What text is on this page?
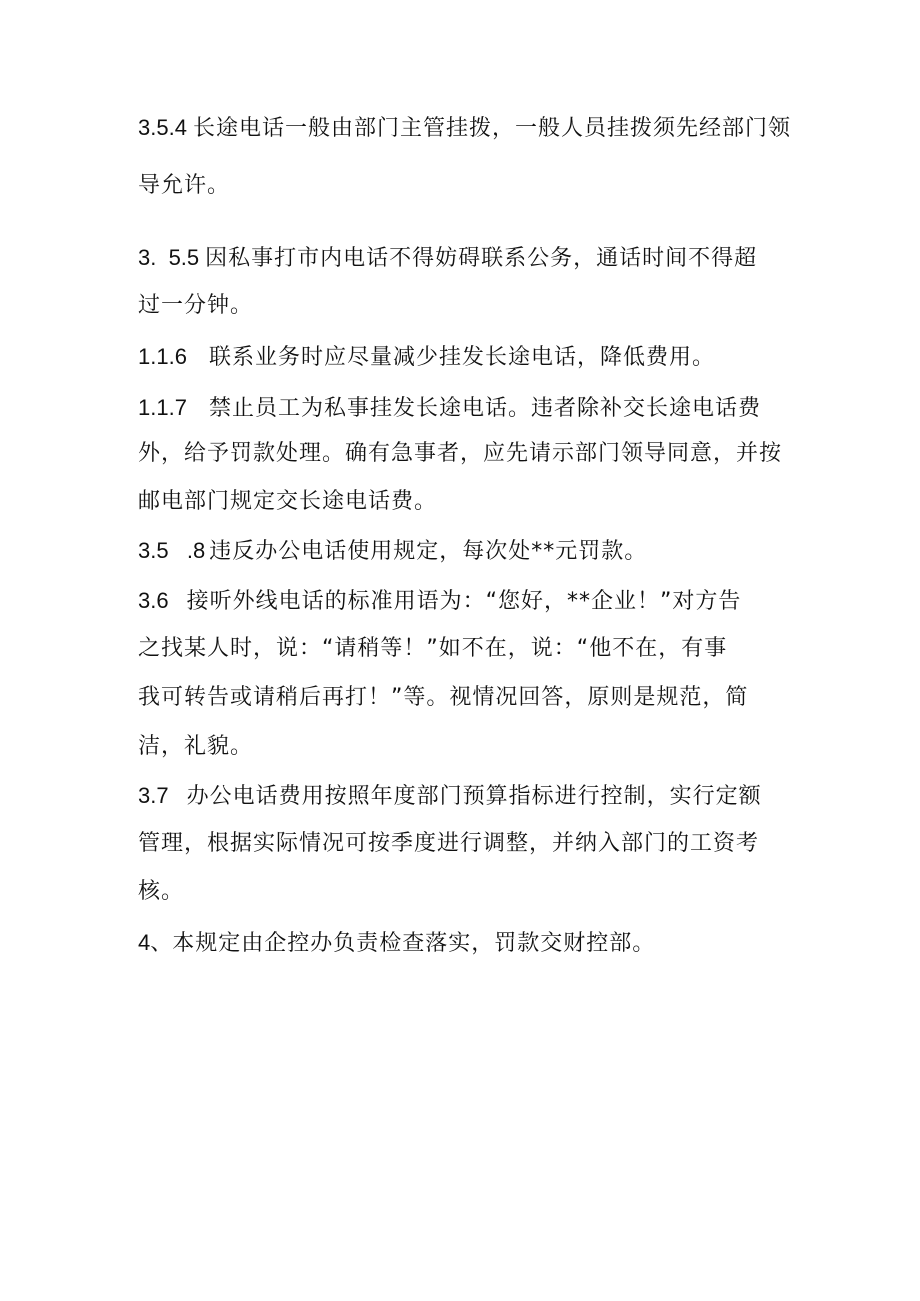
3.5.4 长途电话一般由部门主管挂拨，一般人员挂拨须先经部门领
导允许。
3.  5.5 因私事打市内电话不得妨碍联系公务，通话时间不得超
过一分钟。
1.1.6 联系业务时应尽量减少挂发长途电话，降低费用。
1.1.7 禁止员工为私事挂发长途电话。违者除补交长途电话费
外，给予罚款处理。确有急事者，应先请示部门领导同意，并按
邮电部门规定交长途电话费。
3.5   .8 违反办公电话使用规定，每次处**元罚款。
3.6 接听外线电话的标准用语为：“您好，**企业！”对方告
之找某人时，说：“请稍等！”如不在，说：“他不在，有事
我可转告或请稍后再打！”等。视情况回答，原则是规范，简
洁，礼貌。
3.7 办公电话费用按照年度部门预算指标进行控制，实行定额
管理，根据实际情况可按季度进行调整，并纳入部门的工资考
核。
4、本规定由企控办负责检查落实，罚款交财控部。
